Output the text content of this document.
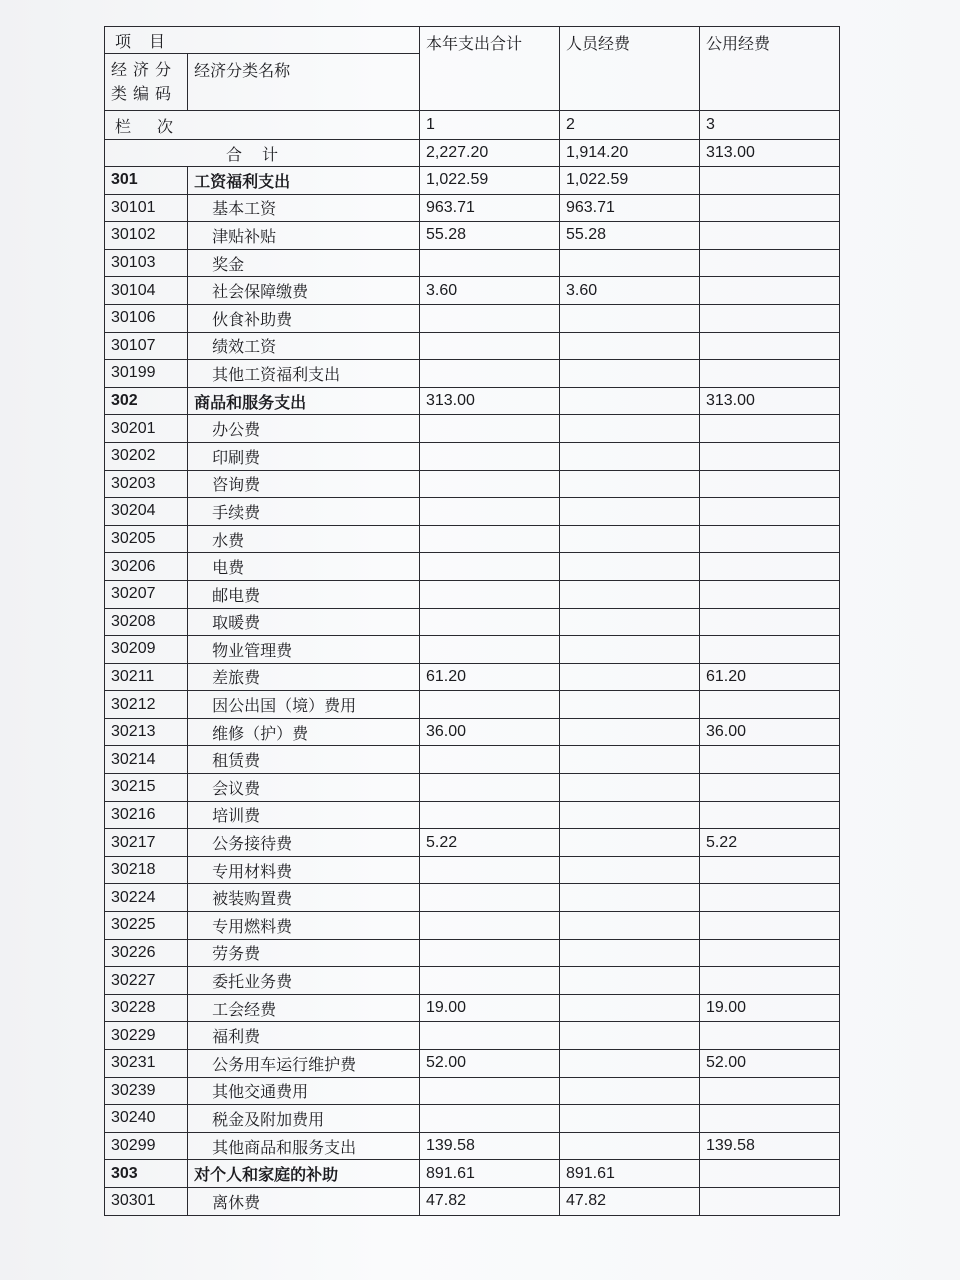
项目		本年支出合计	人员经费	公用经费
经济分类编码	经济分类名称			
栏次		1	2	3
合计		2,227.20	1,914.20	313.00
301	工资福利支出	1,022.59	1,022.59	
30101	基本工资	963.71	963.71	
30102	津贴补贴	55.28	55.28	
30103	奖金			
30104	社会保障缴费	3.60	3.60	
30106	伙食补助费			
30107	绩效工资			
30199	其他工资福利支出			
302	商品和服务支出	313.00		313.00
30201	办公费			
30202	印刷费			
30203	咨询费			
30204	手续费			
30205	水费			
30206	电费			
30207	邮电费			
30208	取暖费			
30209	物业管理费			
30211	差旅费	61.20		61.20
30212	因公出国（境）费用			
30213	维修（护）费	36.00		36.00
30214	租赁费			
30215	会议费			
30216	培训费			
30217	公务接待费	5.22		5.22
30218	专用材料费			
30224	被装购置费			
30225	专用燃料费			
30226	劳务费			
30227	委托业务费			
30228	工会经费	19.00		19.00
30229	福利费			
30231	公务用车运行维护费	52.00		52.00
30239	其他交通费用			
30240	税金及附加费用			
30299	其他商品和服务支出	139.58		139.58
303	对个人和家庭的补助	891.61	891.61	
30301	离休费	47.82	47.82	
